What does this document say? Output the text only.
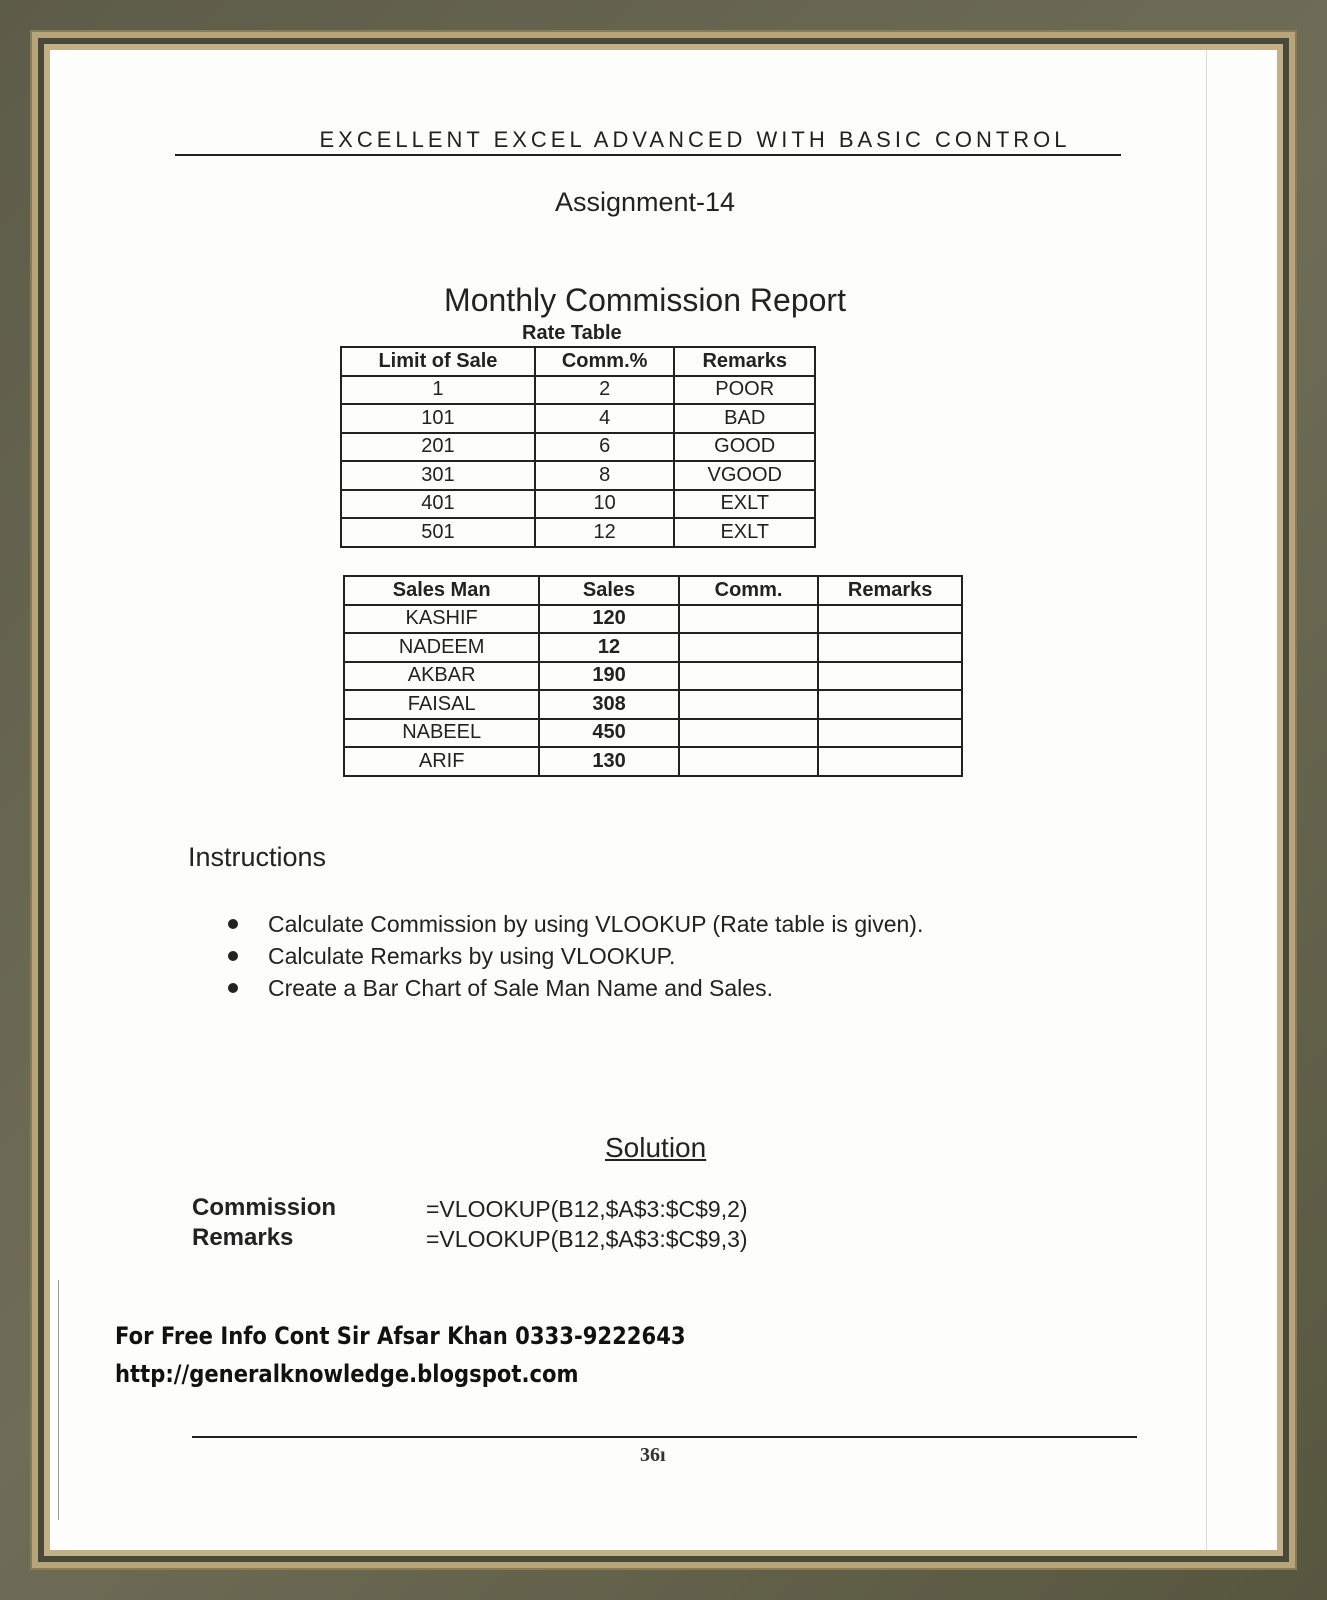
EXCELLENT EXCEL ADVANCED WITH BASIC CONTROL
Assignment-14
Monthly Commission Report
Rate Table
Limit of Sale	Comm.%	Remarks
1	2	POOR
101	4	BAD
201	6	GOOD
301	8	VGOOD
401	10	EXLT
501	12	EXLT
Sales Man	Sales	Comm.	Remarks
KASHIF	120		
NADEEM	12		
AKBAR	190		
FAISAL	308		
NABEEL	450		
ARIF	130		
Instructions
Calculate Commission by using VLOOKUP (Rate table is given).
Calculate Remarks by using VLOOKUP.
Create a Bar Chart of Sale Man Name and Sales.
Solution
Commission	=VLOOKUP(B12,$A$3:$C$9,2)
Remarks	=VLOOKUP(B12,$A$3:$C$9,3)
For Free Info Cont Sir Afsar Khan 0333-9222643
http://generalknowledge.blogspot.com
36ı
